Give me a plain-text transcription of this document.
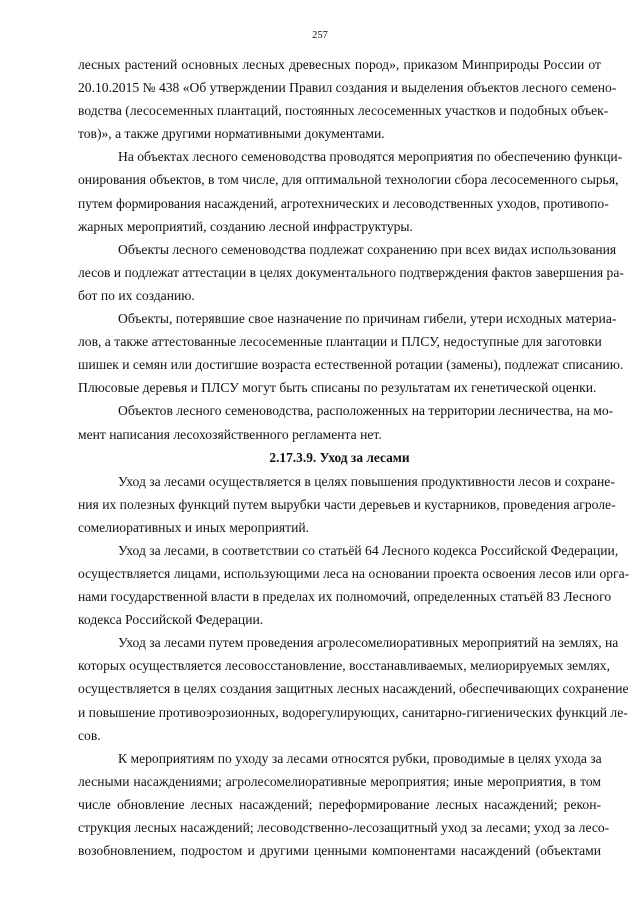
257
лесных растений основных лесных древесных пород», приказом Минприроды России от
20.10.2015 № 438 «Об утверждении Правил создания и выделения объектов лесного семено-
водства (лесосеменных плантаций, постоянных лесосеменных участков и подобных объек-
тов)», а также другими нормативными документами.
На объектах лесного семеноводства проводятся мероприятия по обеспечению функци-
онирования объектов, в том числе, для оптимальной технологии сбора лесосеменного сырья,
путем формирования насаждений, агротехнических и лесоводственных уходов, противопо-
жарных мероприятий, созданию лесной инфраструктуры.
Объекты лесного семеноводства подлежат сохранению при всех видах использования
лесов и подлежат аттестации в целях документального подтверждения фактов завершения ра-
бот по их созданию.
Объекты, потерявшие свое назначение по причинам гибели, утери исходных материа-
лов, а также аттестованные лесосеменные плантации и ПЛСУ, недоступные для заготовки
шишек и семян или достигшие возраста естественной ротации (замены), подлежат списанию.
Плюсовые деревья и ПЛСУ могут быть списаны по результатам их генетической оценки.
Объектов лесного семеноводства, расположенных на территории лесничества, на мо-
мент написания лесохозяйственного регламента нет.
2.17.3.9. Уход за лесами
Уход за лесами осуществляется в целях повышения продуктивности лесов и сохране-
ния их полезных функций путем вырубки части деревьев и кустарников, проведения агроле-
сомелиоративных и иных мероприятий.
Уход за лесами, в соответствии со статьёй 64 Лесного кодекса Российской Федерации,
осуществляется лицами, использующими леса на основании проекта освоения лесов или орга-
нами государственной власти в пределах их полномочий, определенных статьёй 83 Лесного
кодекса Российской Федерации.
Уход за лесами путем проведения агролесомелиоративных мероприятий на землях, на
которых осуществляется лесовосстановление, восстанавливаемых, мелиорируемых землях,
осуществляется в целях создания защитных лесных насаждений, обеспечивающих сохранение
и повышение противоэрозионных, водорегулирующих, санитарно-гигиенических функций ле-
сов.
К мероприятиям по уходу за лесами относятся рубки, проводимые в целях ухода за
лесными насаждениями; агролесомелиоративные мероприятия; иные мероприятия, в том
числе обновление лесных насаждений; переформирование лесных насаждений; рекон-
струкция лесных насаждений; лесоводственно-лесозащитный уход за лесами; уход за лесо-
возобновлением, подростом и другими ценными компонентами насаждений (объектами
